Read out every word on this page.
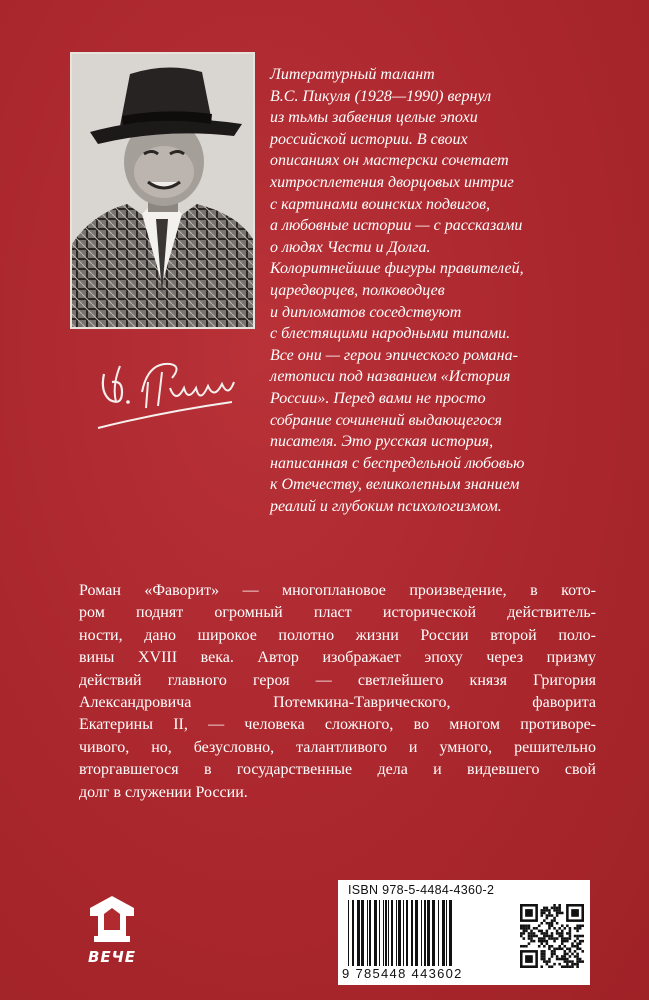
Литературный талант
В.С. Пикуля (1928—1990) вернул
из тьмы забвения целые эпохи
российской истории. В своих
описаниях он мастерски сочетает
хитросплетения дворцовых интриг
с картинами воинских подвигов,
а любовные истории — с рассказами
о людях Чести и Долга.
Колоритнейшие фигуры правителей,
царедворцев, полководцев
и дипломатов соседствуют
с блестящими народными типами.
Все они — герои эпического романа-
летописи под названием «История
России». Перед вами не просто
собрание сочинений выдающегося
писателя. Это русская история,
написанная с беспредельной любовью
к Отечеству, великолепным знанием
реалий и глубоким психологизмом.
Роман «Фаворит» — многоплановое произведение, в кото-
ром поднят огромный пласт исторической действитель-
ности, дано широкое полотно жизни России второй поло-
вины XVIII века. Автор изображает эпоху через призму
действий главного героя — светлейшего князя Григория
Александровича Потемкина-Таврического, фаворита
Екатерины II, — человека сложного, во многом противоре-
чивого, но, безусловно, талантливого и умного, решительно
вторгавшегося в государственные дела и видевшего свой
долг в служении России.
ВЕЧЕ
ISBN 978-5-4484-4360-2
9 785448 443602
